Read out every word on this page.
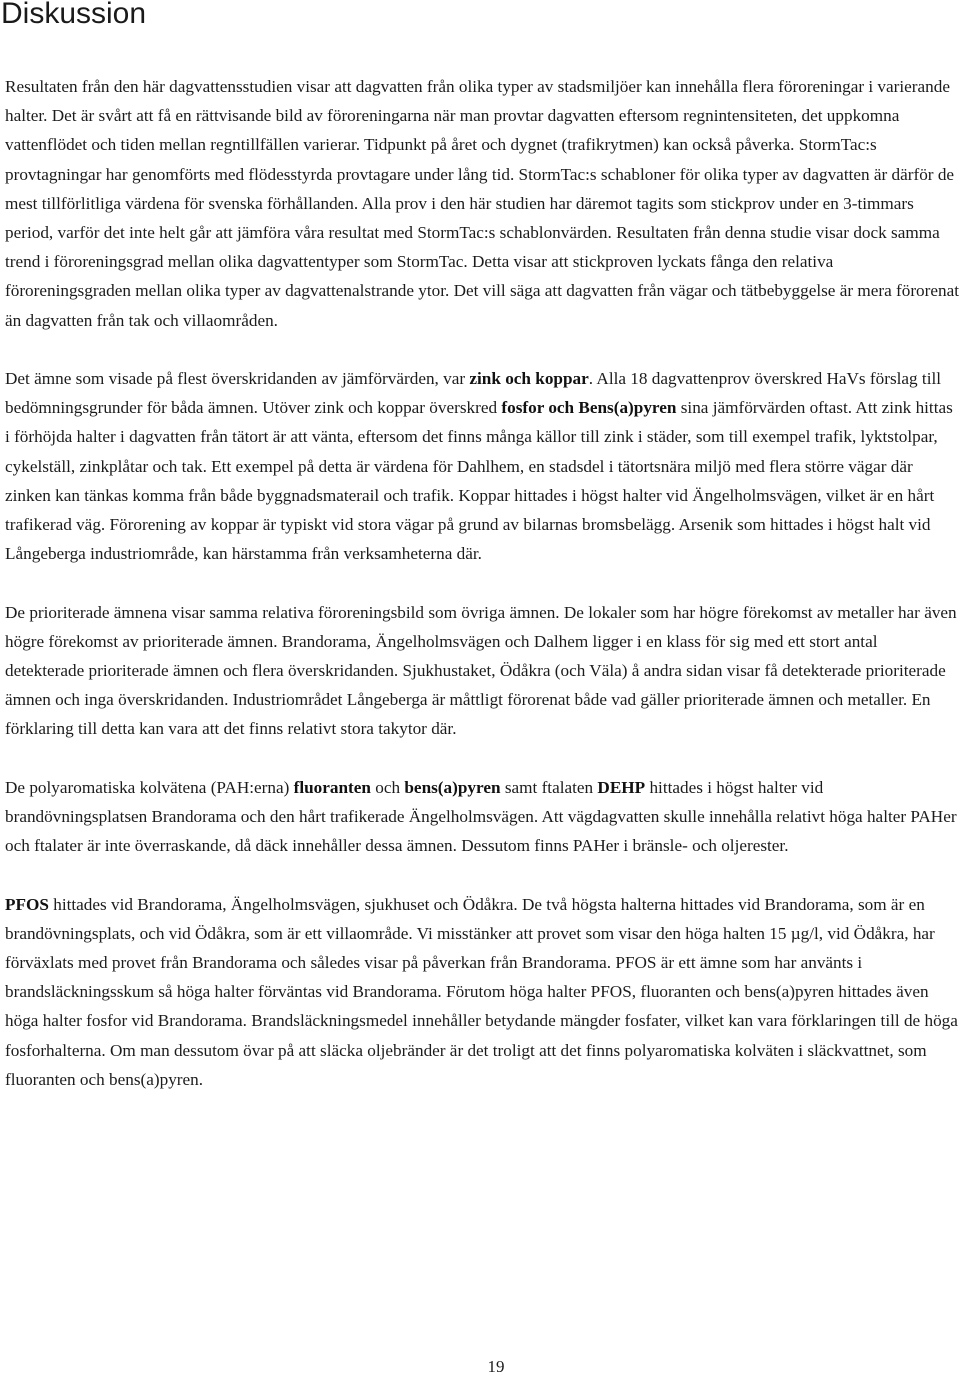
Diskussion

Resultaten från den här dagvattensstudien visar att dagvatten från olika typer av stadsmiljöer kan innehålla flera föroreningar i varierande halter. Det är svårt att få en rättvisande bild av föroreningarna när man provtar dagvatten eftersom regnintensiteten, det uppkomna vattenflödet och tiden mellan regntillfällen varierar. Tidpunkt på året och dygnet (trafikrytmen) kan också påverka. StormTac:s provtagningar har genomförts med flödesstyrda provtagare under lång tid. StormTac:s schabloner för olika typer av dagvatten är därför de mest tillförlitliga värdena för svenska förhållanden. Alla prov i den här studien har däremot tagits som stickprov under en 3-timmars period, varför det inte helt går att jämföra våra resultat med StormTac:s schablonvärden. Resultaten från denna studie visar dock samma trend i föroreningsgrad mellan olika dagvattentyper som StormTac. Detta visar att stickproven lyckats fånga den relativa föroreningsgraden mellan olika typer av dagvattenalstrande ytor. Det vill säga att dagvatten från vägar och tätbebyggelse är mera förorenat än dagvatten från tak och villaområden.

Det ämne som visade på flest överskridanden av jämförvärden, var zink och koppar. Alla 18 dagvattenprov överskred HaVs förslag till bedömningsgrunder för båda ämnen. Utöver zink och koppar överskred fosfor och Bens(a)pyren sina jämförvärden oftast. Att zink hittas i förhöjda halter i dagvatten från tätort är att vänta, eftersom det finns många källor till zink i städer, som till exempel trafik, lyktstolpar, cykelställ, zinkplåtar och tak. Ett exempel på detta är värdena för Dahlhem, en stadsdel i tätortsnära miljö med flera större vägar där zinken kan tänkas komma från både byggnadsmaterail och trafik. Koppar hittades i högst halter vid Ängelholmsvägen, vilket är en hårt trafikerad väg. Förorening av koppar är typiskt vid stora vägar på grund av bilarnas bromsbelägg. Arsenik som hittades i högst halt vid Långeberga industriområde, kan härstamma från verksamheterna där.

De prioriterade ämnena visar samma relativa föroreningsbild som övriga ämnen. De lokaler som har högre förekomst av metaller har även högre förekomst av prioriterade ämnen. Brandorama, Ängelholmsvägen och Dalhem ligger i en klass för sig med ett stort antal detekterade prioriterade ämnen och flera överskridanden. Sjukhustaket, Ödåkra (och Väla) å andra sidan visar få detekterade prioriterade ämnen och inga överskridanden. Industriområdet Långeberga är måttligt förorenat både vad gäller prioriterade ämnen och metaller. En förklaring till detta kan vara att det finns relativt stora takytor där.

De polyaromatiska kolvätena (PAH:erna) fluoranten och bens(a)pyren samt ftalaten DEHP hittades i högst halter vid brandövningsplatsen Brandorama och den hårt trafikerade Ängelholmsvägen. Att vägdagvatten skulle innehålla relativt höga halter PAHer och ftalater är inte överraskande, då däck innehåller dessa ämnen. Dessutom finns PAHer i bränsle- och oljerester.

PFOS hittades vid Brandorama, Ängelholmsvägen, sjukhuset och Ödåkra. De två högsta halterna hittades vid Brandorama, som är en brandövningsplats, och vid Ödåkra, som är ett villaområde. Vi misstänker att provet som visar den höga halten 15 µg/l, vid Ödåkra, har förväxlats med provet från Brandorama och således visar på påverkan från Brandorama. PFOS är ett ämne som har använts i brandsläckningsskum så höga halter förväntas vid Brandorama. Förutom höga halter PFOS, fluoranten och bens(a)pyren hittades även höga halter fosfor vid Brandorama. Brandsläckningsmedel innehåller betydande mängder fosfater, vilket kan vara förklaringen till de höga fosforhalterna. Om man dessutom övar på att släcka oljebränder är det troligt att det finns polyaromatiska kolväten i släckvattnet, som fluoranten och bens(a)pyren.

19
